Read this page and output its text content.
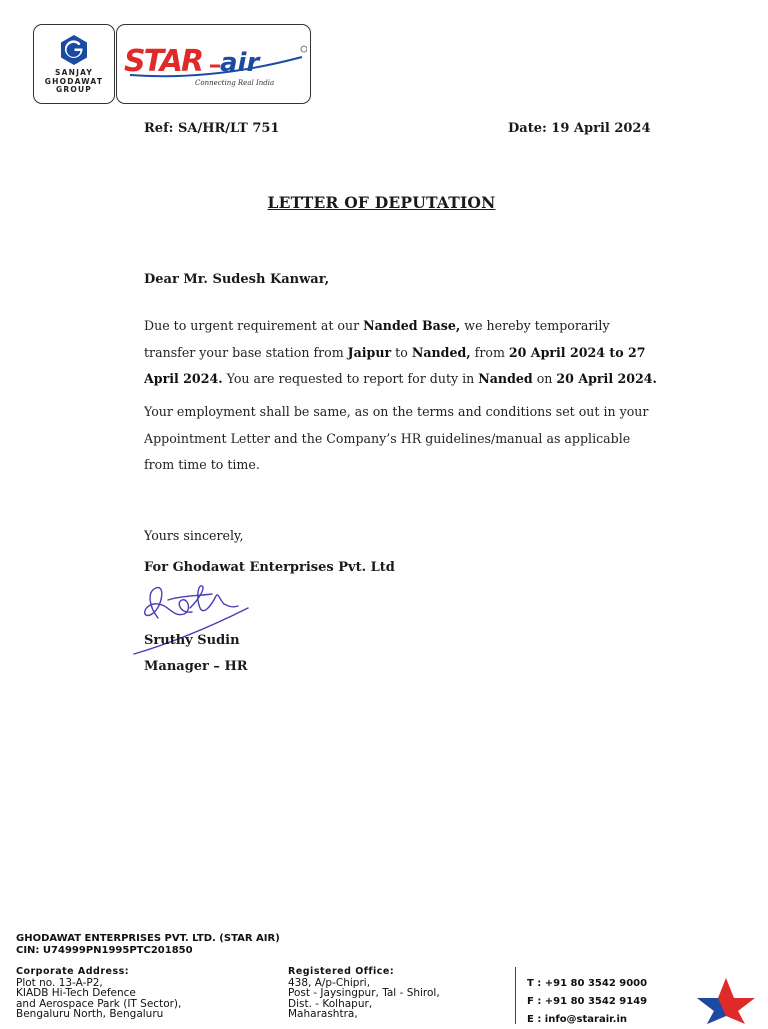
SANJAY
GHODAWAT
GROUP
STAR air
Connecting Real India
Ref: SA/HR/LT 751	Date: 19 April 2024
LETTER OF DEPUTATION
Dear Mr. Sudesh Kanwar,
Due to urgent requirement at our Nanded Base, we hereby temporarily transfer your base station from Jaipur to Nanded, from 20 April 2024 to 27 April 2024. You are requested to report for duty in Nanded on 20 April 2024.
Your employment shall be same, as on the terms and conditions set out in your Appointment Letter and the Company’s HR guidelines/manual as applicable from time to time.
Yours sincerely,
For Ghodawat Enterprises Pvt. Ltd
Sruthy Sudin
Manager – HR
GHODAWAT ENTERPRISES PVT. LTD. (STAR AIR)
CIN: U74999PN1995PTC201850
Corporate Address:
Plot no. 13-A-P2,
KIADB Hi-Tech Defence
and Aerospace Park (IT Sector),
Bengaluru North, Bengaluru
Registered Office:
438, A/p-Chipri,
Post - Jaysingpur, Tal - Shirol,
Dist. - Kolhapur,
Maharashtra,
T : +91 80 3542 9000
F : +91 80 3542 9149
E : info@starair.in
